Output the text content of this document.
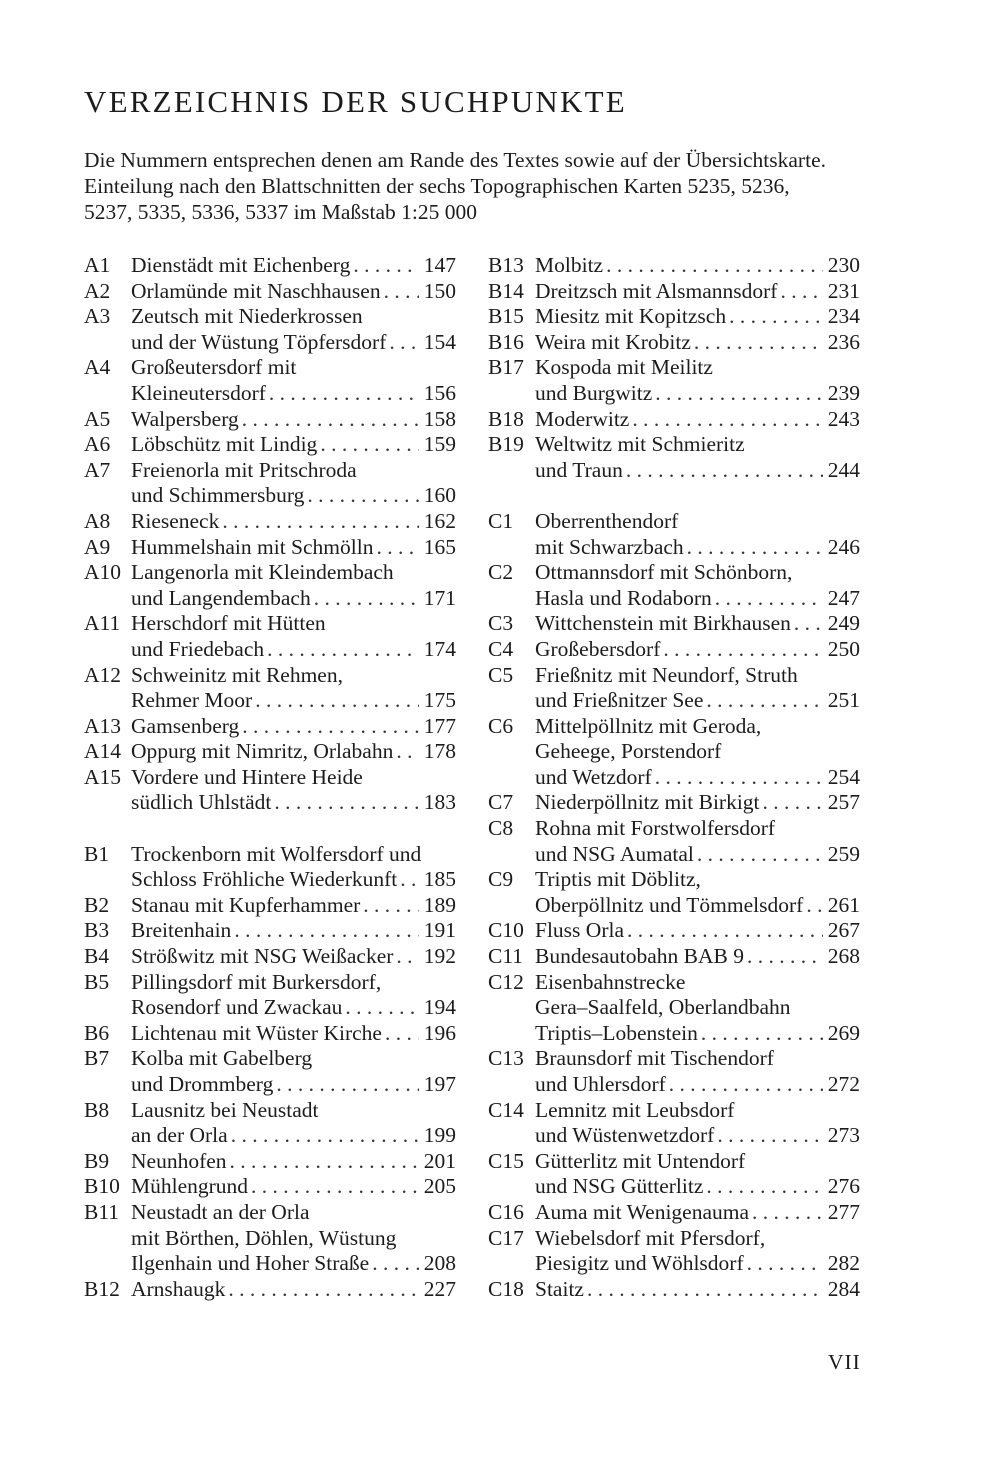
VERZEICHNIS DER SUCHPUNKTE
Die Nummern entsprechen denen am Rande des Textes sowie auf der Übersichtskarte.
Einteilung nach den Blattschnitten der sechs Topographischen Karten 5235, 5236,
5237, 5335, 5336, 5337 im Maßstab 1:25 000
A1 Dienstädt mit Eichenberg . . .	147
A2 Orlamünde mit Naschhausen . . . 150
A3 Zeutsch mit Niederkrossen
und der Wüstung Töpfersdorf . . . 154
A4 Großeutersdorf mit
Kleineutersdorf . . .	156
A5 Walpersberg . . .	158
A6 Löbschütz mit Lindig . . .	159
A7 Freienorla mit Pritschroda
und Schimmersburg . . .	160
A8 Rieseneck . . .	162
A9 Hummelshain mit Schmölln . . . 165
A10 Langenorla mit Kleindembach
und Langendembach . . .	171
A11 Herschdorf mit Hütten
und Friedebach . . .	174
A12 Schweinitz mit Rehmen,
Rehmer Moor . . .	175
A13 Gamsenberg . . .	177
A14 Oppurg mit Nimritz, Orlabahn . . . 178
A15 Vordere und Hintere Heide
südlich Uhlstädt . . .	183
B1	Trockenborn mit Wolfersdorf und
Schloss Fröhliche Wiederkunft . . . 185
B2	Stanau mit Kupferhammer . . .	189
B3	Breitenhain . . .	191
B4	Strößwitz mit NSG Weißacker . . . 192
B5	Pillingsdorf mit Burkersdorf,
Rosendorf und Zwackau . . .	194
B6	Lichtenau mit Wüster Kirche . . . 196
B7	Kolba mit Gabelberg
und Drommberg . . .	197
B8	Lausnitz bei Neustadt
an der Orla . . .	199
B9	Neunhofen . . .	201
B10 Mühlengrund . . .	205
B11 Neustadt an der Orla
mit Börthen, Döhlen, Wüstung
Ilgenhain und Hoher Straße . . .	208
B12 Arnshaugk . . .	227
B13 Molbitz . . .	230
B14 Dreitzsch mit Alsmannsdorf . . . 231
B15 Miesitz mit Kopitzsch . . .	234
B16 Weira mit Krobitz . . .	236
B17 Kospoda mit Meilitz
und Burgwitz . . .	239
B18 Moderwitz . . .	243
B19 Weltwitz mit Schmieritz
und Traun . . .	244
C1	Oberrenthendorf
mit Schwarzbach . . .	246
C2	Ottmannsdorf mit Schönborn,
Hasla und Rodaborn . . .	247
C3	Wittchenstein mit Birkhausen . . . 249
C4	Großebersdorf . . .	250
C5	Frießnitz mit Neundorf, Struth
und Frießnitzer See . . .	251
C6	Mittelpöllnitz mit Geroda,
Geheege, Porstendorf
und Wetzdorf . . .	254
C7	Niederpöllnitz mit Birkigt . . .	257
C8	Rohna mit Forstwolfersdorf
und NSG Aumatal . . .	259
C9	Triptis mit Döblitz,
Oberpöllnitz und Tömmelsdorf . . . 261
C10 Fluss Orla . . .	267
C11 Bundesautobahn BAB 9 . . .	268
C12 Eisenbahnstrecke
Gera–Saalfeld, Oberlandbahn
Triptis–Lobenstein . . .	269
C13 Braunsdorf mit Tischendorf
und Uhlersdorf . . .	272
C14 Lemnitz mit Leubsdorf
und Wüstenwetzdorf . . .	273
C15 Gütterlitz mit Untendorf
und NSG Gütterlitz . . .	276
C16 Auma mit Wenigenauma . . .	277
C17 Wiebelsdorf mit Pfersdorf,
Piesigitz und Wöhlsdorf . . .	282
C18 Staitz . . .	284
VII
